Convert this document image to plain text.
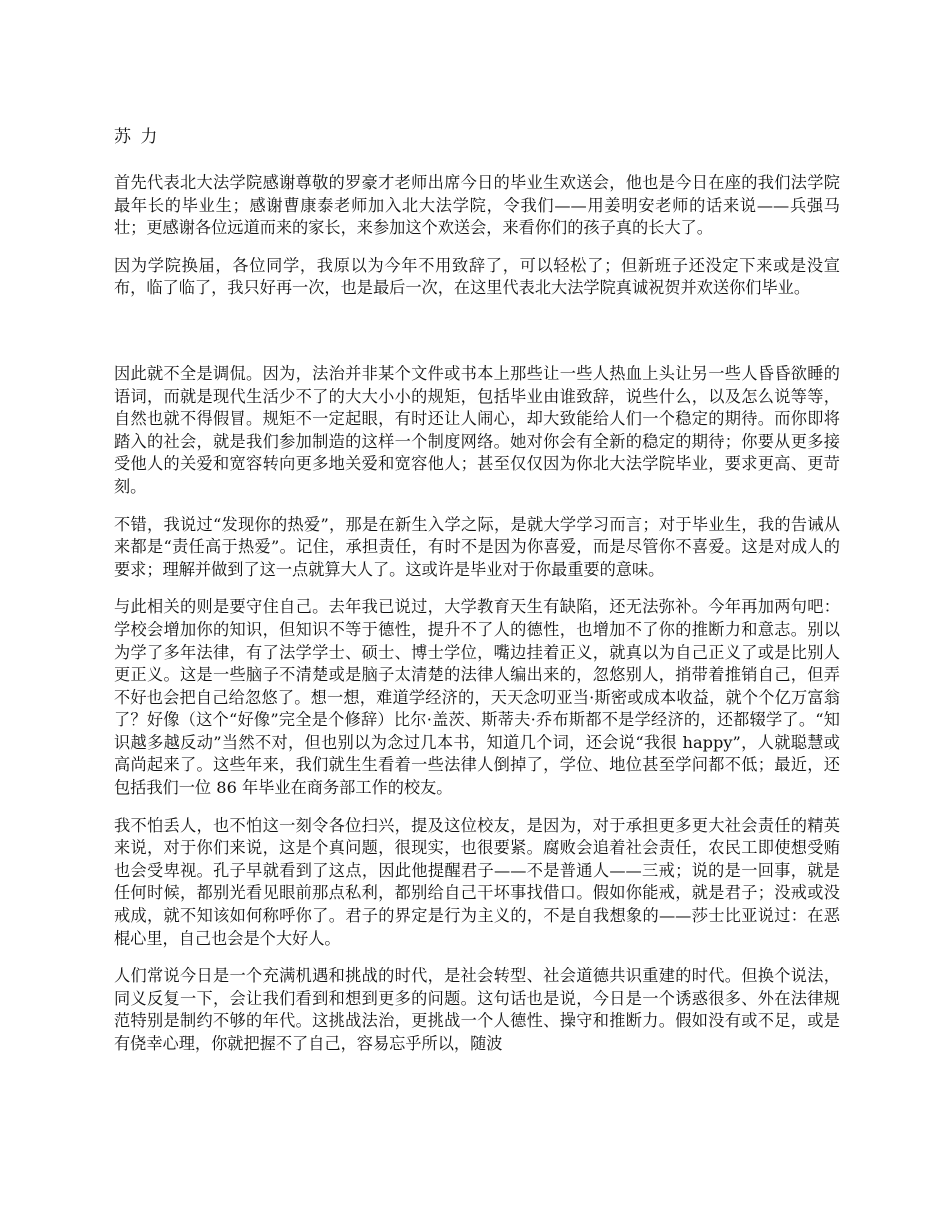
苏 力

首先代表北大法学院感谢尊敬的罗豪才老师出席今日的毕业生欢送会，他也是今日在座的我们法学院最年长的毕业生；感谢曹康泰老师加入北大法学院，令我们——用姜明安老师的话来说——兵强马壮；更感谢各位远道而来的家长，来参加这个欢送会，来看你们的孩子真的长大了。

因为学院换届，各位同学，我原以为今年不用致辞了，可以轻松了；但新班子还没定下来或是没宣布，临了临了，我只好再一次，也是最后一次，在这里代表北大法学院真诚祝贺并欢送你们毕业。

因此就不全是调侃。因为，法治并非某个文件或书本上那些让一些人热血上头让另一些人昏昏欲睡的语词，而就是现代生活少不了的大大小小的规矩，包括毕业由谁致辞，说些什么，以及怎么说等等，自然也就不得假冒。规矩不一定起眼，有时还让人闹心，却大致能给人们一个稳定的期待。而你即将踏入的社会，就是我们参加制造的这样一个制度网络。她对你会有全新的稳定的期待；你要从更多接受他人的关爱和宽容转向更多地关爱和宽容他人；甚至仅仅因为你北大法学院毕业，要求更高、更苛刻。

不错，我说过“发现你的热爱”，那是在新生入学之际，是就大学学习而言；对于毕业生，我的告诫从来都是“责任高于热爱”。记住，承担责任，有时不是因为你喜爱，而是尽管你不喜爱。这是对成人的要求；理解并做到了这一点就算大人了。这或许是毕业对于你最重要的意味。

与此相关的则是要守住自己。去年我已说过，大学教育天生有缺陷，还无法弥补。今年再加两句吧：学校会增加你的知识，但知识不等于德性，提升不了人的德性，也增加不了你的推断力和意志。别以为学了多年法律，有了法学学士、硕士、博士学位，嘴边挂着正义，就真以为自己正义了或是比别人更正义。这是一些脑子不清楚或是脑子太清楚的法律人编出来的，忽悠别人，捎带着推销自己，但弄不好也会把自己给忽悠了。想一想，难道学经济的，天天念叨亚当·斯密或成本收益，就个个亿万富翁了？好像（这个“好像”完全是个修辞）比尔·盖茨、斯蒂夫·乔布斯都不是学经济的，还都辍学了。“知识越多越反动”当然不对，但也别以为念过几本书，知道几个词，还会说“我很 happy”，人就聪慧或高尚起来了。这些年来，我们就生生看着一些法律人倒掉了，学位、地位甚至学问都不低；最近，还包括我们一位 86 年毕业在商务部工作的校友。

我不怕丢人，也不怕这一刻令各位扫兴，提及这位校友，是因为，对于承担更多更大社会责任的精英来说，对于你们来说，这是个真问题，很现实，也很要紧。腐败会追着社会责任，农民工即使想受贿也会受卑视。孔子早就看到了这点，因此他提醒君子——不是普通人——三戒；说的是一回事，就是任何时候，都别光看见眼前那点私利，都别给自己干坏事找借口。假如你能戒，就是君子；没戒或没戒成，就不知该如何称呼你了。君子的界定是行为主义的，不是自我想象的——莎士比亚说过：在恶棍心里，自己也会是个大好人。

人们常说今日是一个充满机遇和挑战的时代，是社会转型、社会道德共识重建的时代。但换个说法，同义反复一下，会让我们看到和想到更多的问题。这句话也是说，今日是一个诱惑很多、外在法律规范特别是制约不够的年代。这挑战法治，更挑战一个人德性、操守和推断力。假如没有或不足，或是有侥幸心理，你就把握不了自己，容易忘乎所以，随波
